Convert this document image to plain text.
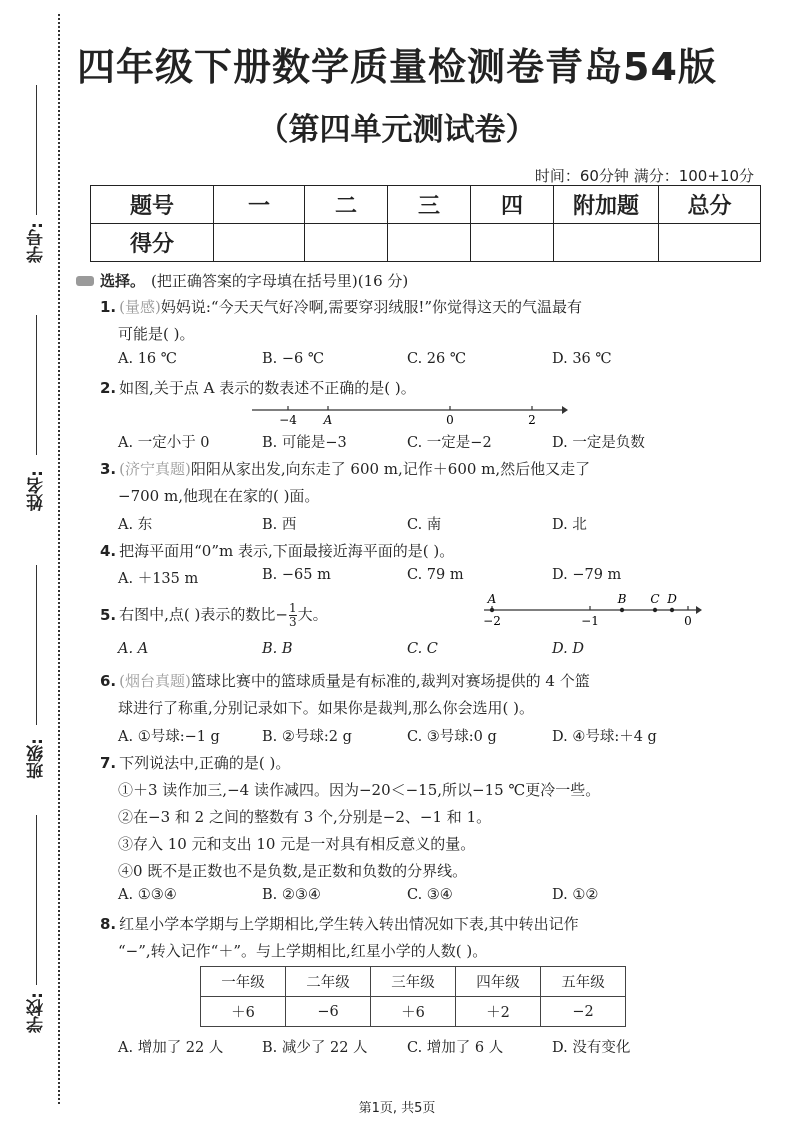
学号:
姓名:
班级:
学校:
四年级下册数学质量检测卷青岛54版
（第四单元测试卷）
时间：60分钟 满分：100+10分
题号	一	二	三	四	附加题	总分
得分						
选择。 (把正确答案的字母填在括号里)(16 分)
1. (量感)妈妈说:“今天天气好冷啊,需要穿羽绒服!”你觉得这天的气温最有
可能是( )。
A. 16 ℃	B. −6 ℃	C. 26 ℃	D. 36 ℃
2. 如图,关于点 A 表示的数表述不正确的是( )。
−4 A	0	2
A. 一定小于 0	B. 可能是−3	C. 一定是−2	D. 一定是负数
3. (济宁真题)阳阳从家出发,向东走了 600 m,记作＋600 m,然后他又走了
−700 m,他现在在家的( )面。
A. 东	B. 西	C. 南	D. 北
4. 把海平面用“0”m 表示,下面最接近海平面的是( )。
A. ＋135 m	B. −65 m	C. 79 m	D. −79 m
5. 右图中,点( )表示的数比− $\frac{1}{3}$ 大。
A	B C D
−2	−1	0
A. A	B. B	C. C	D. D
6. (烟台真题)篮球比赛中的篮球质量是有标准的,裁判对赛场提供的 4 个篮
球进行了称重,分别记录如下。如果你是裁判,那么你会选用( )。
A. ①号球:−1 g	B. ②号球:2 g	C. ③号球:0 g	D. ④号球:＋4 g
7. 下列说法中,正确的是( )。
①＋3 读作加三,−4 读作减四。因为−20＜−15,所以−15 ℃更冷一些。
②在−3 和 2 之间的整数有 3 个,分别是−2、−1 和 1。
③存入 10 元和支出 10 元是一对具有相反意义的量。
④0 既不是正数也不是负数,是正数和负数的分界线。
A. ①③④	B. ②③④	C. ③④	D. ①②
8. 红星小学本学期与上学期相比,学生转入转出情况如下表,其中转出记作
“−”,转入记作“＋”。与上学期相比,红星小学的人数( )。
一年级	二年级	三年级	四年级	五年级
＋6	−6	＋6	＋2	−2
A. 增加了 22 人	B. 减少了 22 人	C. 增加了 6 人	D. 没有变化
第1页, 共5页
